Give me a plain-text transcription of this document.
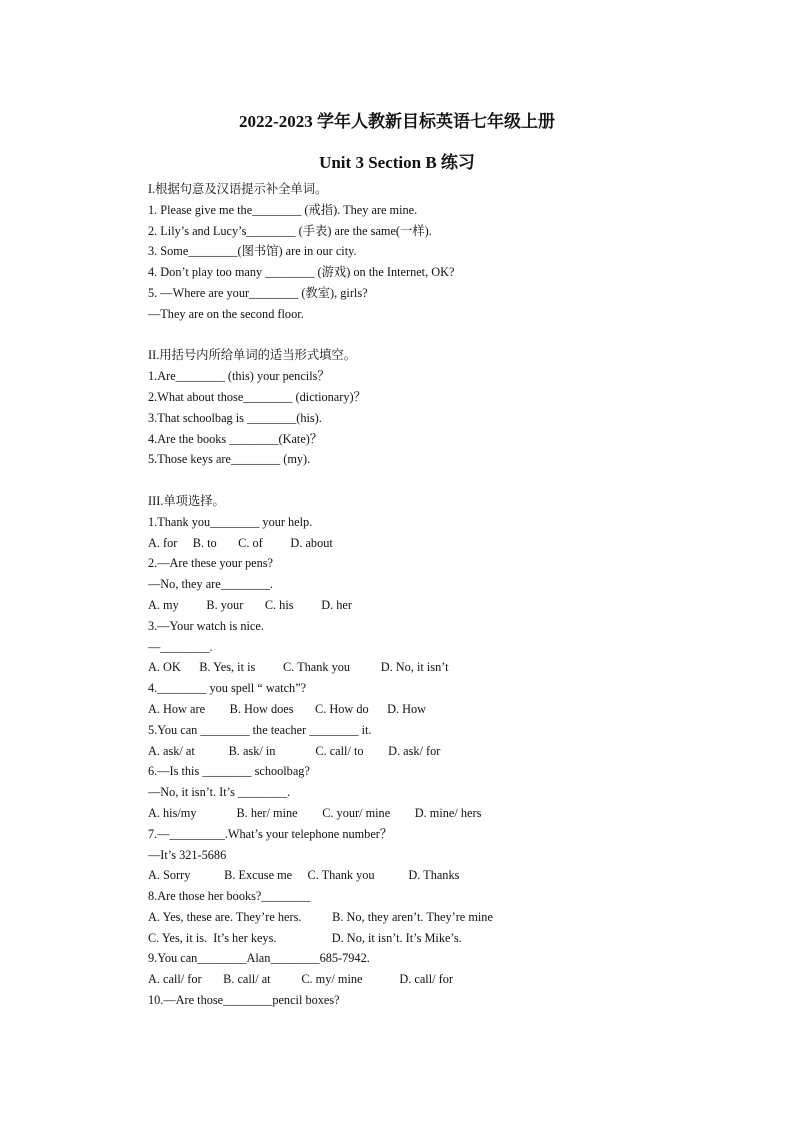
2022-2023 学年人教新目标英语七年级上册
Unit 3 Section B 练习
I.根据句意及汉语提示补全单词。
1. Please give me the________ (戒指). They are mine.
2. Lily’s and Lucy’s________ (手表) are the same(一样).
3. Some________(图书馆) are in our city.
4. Don’t play too many ________ (游戏) on the Internet, OK?
5. —Where are your________ (教室), girls?
—They are on the second floor.
II.用括号内所给单词的适当形式填空。
1.Are________ (this) your pencils？
2.What about those________ (dictionary)？
3.That schoolbag is ________(his).
4.Are the books ________(Kate)？
5.Those keys are________ (my).
III.单项选择。
1.Thank you________ your help.
A. for     B. to       C. of         D. about
2.—Are these your pens?
—No, they are________.
A. my         B. your       C. his         D. her
3.—Your watch is nice.
—________.
A. OK      B. Yes, it is         C. Thank you          D. No, it isn’t
4.________ you spell “ watch”?
A. How are        B. How does       C. How do      D. How
5.You can ________ the teacher ________ it.
A. ask/ at           B. ask/ in             C. call/ to        D. ask/ for
6.—Is this ________ schoolbag?
—No, it isn’t. It’s ________.
A. his/my             B. her/ mine        C. your/ mine        D. mine/ hers
7.—_________.What’s your telephone number？
—It’s 321-5686
A. Sorry           B. Excuse me     C. Thank you           D. Thanks
8.Are those her books?________
A. Yes, these are. They’re hers.          B. No, they aren’t. They’re mine
C. Yes, it is.  It’s her keys.                  D. No, it isn’t. It’s Mike’s.
9.You can________Alan________685-7942.
A. call/ for       B. call/ at          C. my/ mine            D. call/ for
10.—Are those________pencil boxes?
